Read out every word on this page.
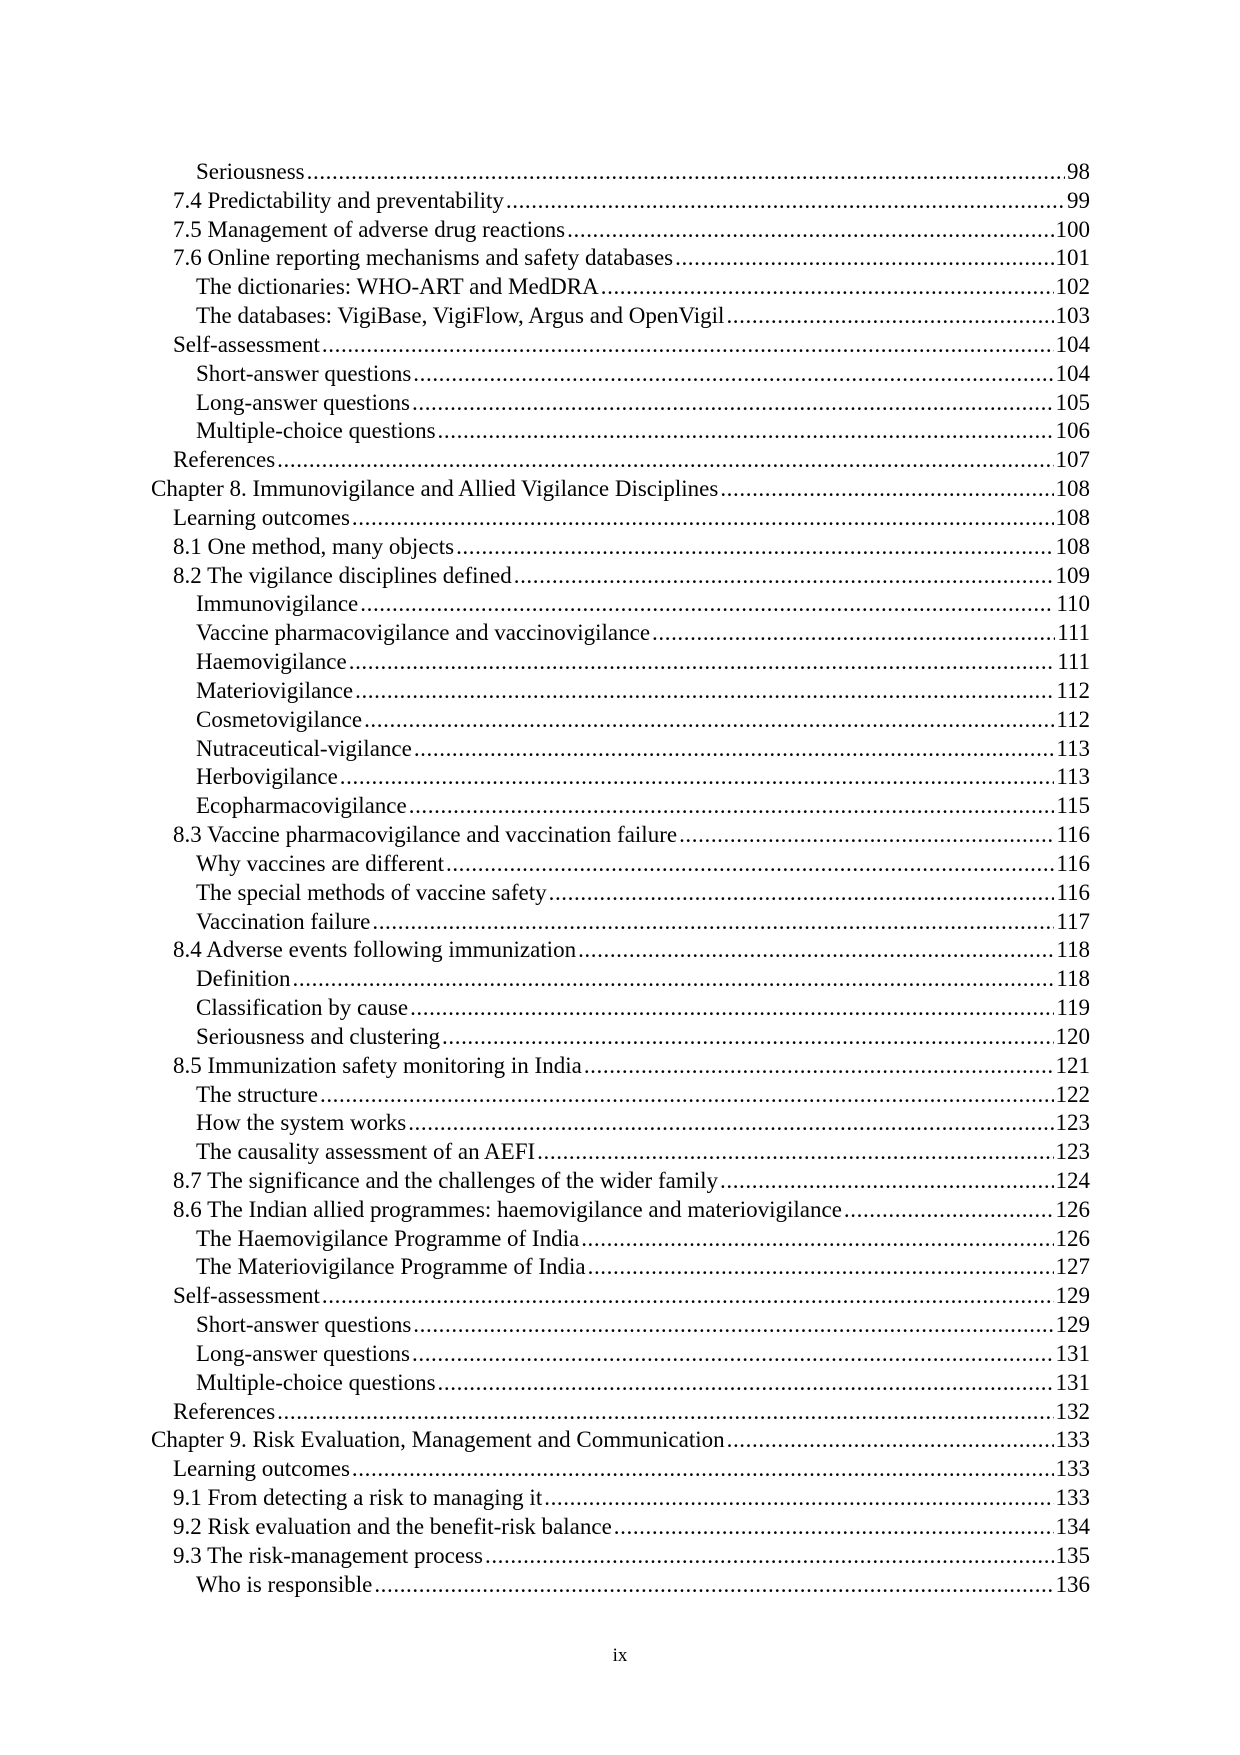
Seriousness .....	98
7.4 Predictability and preventability .....	99
7.5 Management of adverse drug reactions .....	100
7.6 Online reporting mechanisms and safety databases .....	101
The dictionaries: WHO-ART and MedDRA .....	102
The databases: VigiBase, VigiFlow, Argus and OpenVigil .....	103
Self-assessment .....	104
Short-answer questions .....	104
Long-answer questions .....	105
Multiple-choice questions .....	106
References .....	107
Chapter 8. Immunovigilance and Allied Vigilance Disciplines .....	108
Learning outcomes .....	108
8.1 One method, many objects .....	108
8.2 The vigilance disciplines defined .....	109
Immunovigilance .....	110
Vaccine pharmacovigilance and vaccinovigilance .....	111
Haemovigilance .....	111
Materiovigilance .....	112
Cosmetovigilance .....	112
Nutraceutical-vigilance .....	113
Herbovigilance .....	113
Ecopharmacovigilance .....	115
8.3 Vaccine pharmacovigilance and vaccination failure .....	116
Why vaccines are different .....	116
The special methods of vaccine safety .....	116
Vaccination failure .....	117
8.4 Adverse events following immunization .....	118
Definition .....	118
Classification by cause .....	119
Seriousness and clustering .....	120
8.5 Immunization safety monitoring in India .....	121
The structure .....	122
How the system works .....	123
The causality assessment of an AEFI .....	123
8.7 The significance and the challenges of the wider family .....	124
8.6 The Indian allied programmes: haemovigilance and materiovigilance .....	126
The Haemovigilance Programme of India .....	126
The Materiovigilance Programme of India .....	127
Self-assessment .....	129
Short-answer questions .....	129
Long-answer questions .....	131
Multiple-choice questions .....	131
References .....	132
Chapter 9. Risk Evaluation, Management and Communication .....	133
Learning outcomes .....	133
9.1 From detecting a risk to managing it .....	133
9.2 Risk evaluation and the benefit-risk balance .....	134
9.3 The risk-management process .....	135
Who is responsible .....	136
ix
